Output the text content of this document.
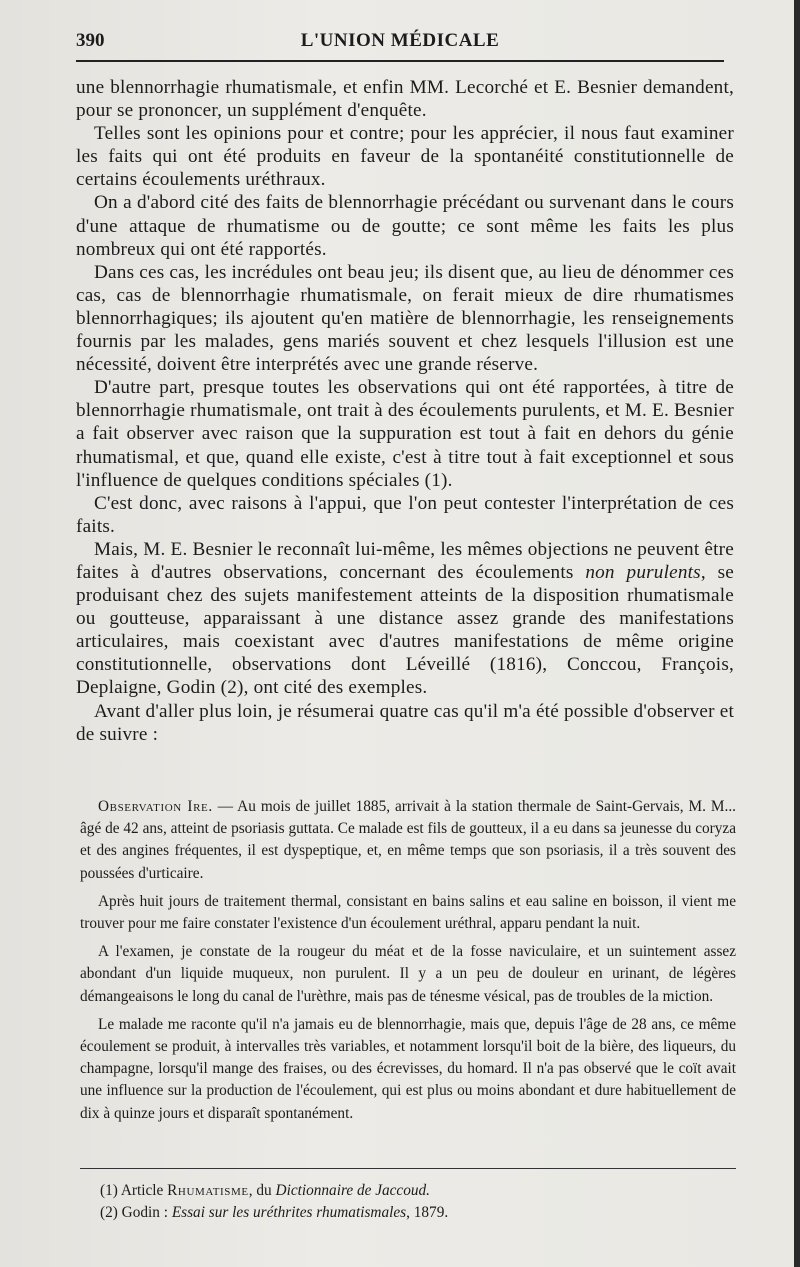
390	L'UNION MÉDICALE

une blennorrhagie rhumatismale, et enfin MM. Lecorché et E. Besnier demandent, pour se prononcer, un supplément d'enquête.

Telles sont les opinions pour et contre; pour les apprécier, il nous faut examiner les faits qui ont été produits en faveur de la spontanéité constitutionnelle de certains écoulements uréthraux.

On a d'abord cité des faits de blennorrhagie précédant ou survenant dans le cours d'une attaque de rhumatisme ou de goutte; ce sont même les faits les plus nombreux qui ont été rapportés.

Dans ces cas, les incrédules ont beau jeu; ils disent que, au lieu de dénommer ces cas, cas de blennorrhagie rhumatismale, on ferait mieux de dire rhumatismes blennorrhagiques; ils ajoutent qu'en matière de blennorrhagie, les renseignements fournis par les malades, gens mariés souvent et chez lesquels l'illusion est une nécessité, doivent être interprétés avec une grande réserve.

D'autre part, presque toutes les observations qui ont été rapportées, à titre de blennorrhagie rhumatismale, ont trait à des écoulements purulents, et M. E. Besnier a fait observer avec raison que la suppuration est tout à fait en dehors du génie rhumatismal, et que, quand elle existe, c'est à titre tout à fait exceptionnel et sous l'influence de quelques conditions spéciales (1).

C'est donc, avec raisons à l'appui, que l'on peut contester l'interprétation de ces faits.

Mais, M. E. Besnier le reconnaît lui-même, les mêmes objections ne peuvent être faites à d'autres observations, concernant des écoulements non purulents, se produisant chez des sujets manifestement atteints de la disposition rhumatismale ou goutteuse, apparaissant à une distance assez grande des manifestations articulaires, mais coexistant avec d'autres manifestations de même origine constitutionnelle, observations dont Léveillé (1816), Conccou, François, Deplaigne, Godin (2), ont cité des exemples.

Avant d'aller plus loin, je résumerai quatre cas qu'il m'a été possible d'observer et de suivre :

Observation Ire. — Au mois de juillet 1885, arrivait à la station thermale de Saint-Gervais, M. M... âgé de 42 ans, atteint de psoriasis guttata. Ce malade est fils de goutteux, il a eu dans sa jeunesse du coryza et des angines fréquentes, il est dyspeptique, et, en même temps que son psoriasis, il a très souvent des poussées d'urticaire.

Après huit jours de traitement thermal, consistant en bains salins et eau saline en boisson, il vient me trouver pour me faire constater l'existence d'un écoulement uréthral, apparu pendant la nuit.

A l'examen, je constate de la rougeur du méat et de la fosse naviculaire, et un suintement assez abondant d'un liquide muqueux, non purulent. Il y a un peu de douleur en urinant, de légères démangeaisons le long du canal de l'urèthre, mais pas de ténesme vésical, pas de troubles de la miction.

Le malade me raconte qu'il n'a jamais eu de blennorrhagie, mais que, depuis l'âge de 28 ans, ce même écoulement se produit, à intervalles très variables, et notamment lorsqu'il boit de la bière, des liqueurs, du champagne, lorsqu'il mange des fraises, ou des écrevisses, du homard. Il n'a pas observé que le coït avait une influence sur la production de l'écoulement, qui est plus ou moins abondant et dure habituellement de dix à quinze jours et disparaît spontanément.

(1) Article Rhumatisme, du Dictionnaire de Jaccoud.
(2) Godin : Essai sur les uréthrites rhumatismales, 1879.
